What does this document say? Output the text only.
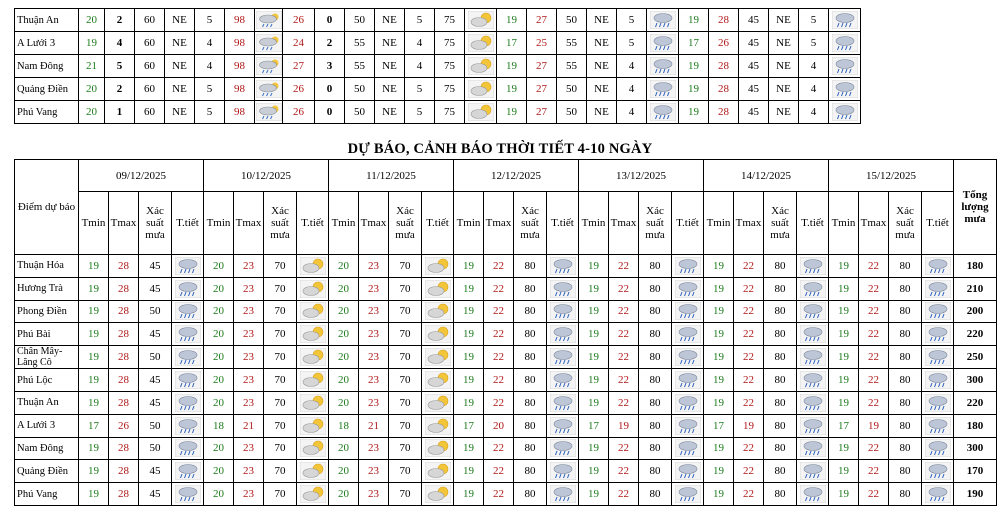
Thuận An	20	2	60	NE	5	98		26	0	50	NE	5	75		19	27	50	NE	5		19	28	45	NE	5	
A Lưới 3	19	4	60	NE	4	98		24	2	55	NE	4	75		17	25	55	NE	5		17	26	45	NE	5	
Nam Đông	21	5	60	NE	4	98		27	3	55	NE	4	75		19	27	55	NE	4		19	28	45	NE	4	
Quảng Điền	20	2	60	NE	5	98		26	0	50	NE	5	75		19	27	50	NE	4		19	28	45	NE	4	
Phú Vang	20	1	60	NE	5	98		26	0	50	NE	5	75		19	27	50	NE	4		19	28	45	NE	4	
DỰ BÁO, CẢNH BÁO THỜI TIẾT 4-10 NGÀY
Điểm dự báo	09/12/2025				10/12/2025				11/12/2025				12/12/2025				13/12/2025				14/12/2025				15/12/2025				Tổng lượng mưa
	Tmin	Tmax	Xác suất mưa	T.tiết	Tmin	Tmax	Xác suất mưa	T.tiết	Tmin	Tmax	Xác suất mưa	T.tiết	Tmin	Tmax	Xác suất mưa	T.tiết	Tmin	Tmax	Xác suất mưa	T.tiết	Tmin	Tmax	Xác suất mưa	T.tiết	Tmin	Tmax	Xác suất mưa	T.tiết	
Thuận Hóa	19	28	45		20	23	70		20	23	70		19	22	80		19	22	80		19	22	80		19	22	80		180
Hương Trà	19	28	45		20	23	70		20	23	70		19	22	80		19	22	80		19	22	80		19	22	80		210
Phong Điền	19	28	50		20	23	70		20	23	70		19	22	80		19	22	80		19	22	80		19	22	80		200
Phú Bài	19	28	45		20	23	70		20	23	70		19	22	80		19	22	80		19	22	80		19	22	80		220
Chân Mây-Lăng Cô	19	28	50		20	23	70		20	23	70		19	22	80		19	22	80		19	22	80		19	22	80		250
Phú Lộc	19	28	45		20	23	70		20	23	70		19	22	80		19	22	80		19	22	80		19	22	80		300
Thuận An	19	28	45		20	23	70		20	23	70		19	22	80		19	22	80		19	22	80		19	22	80		220
A Lưới 3	17	26	50		18	21	70		18	21	70		17	20	80		17	19	80		17	19	80		17	19	80		180
Nam Đông	19	28	50		20	23	70		20	23	70		19	22	80		19	22	80		19	22	80		19	22	80		300
Quảng Điền	19	28	45		20	23	70		20	23	70		19	22	80		19	22	80		19	22	80		19	22	80		170
Phú Vang	19	28	45		20	23	70		20	23	70		19	22	80		19	22	80		19	22	80		19	22	80		190
